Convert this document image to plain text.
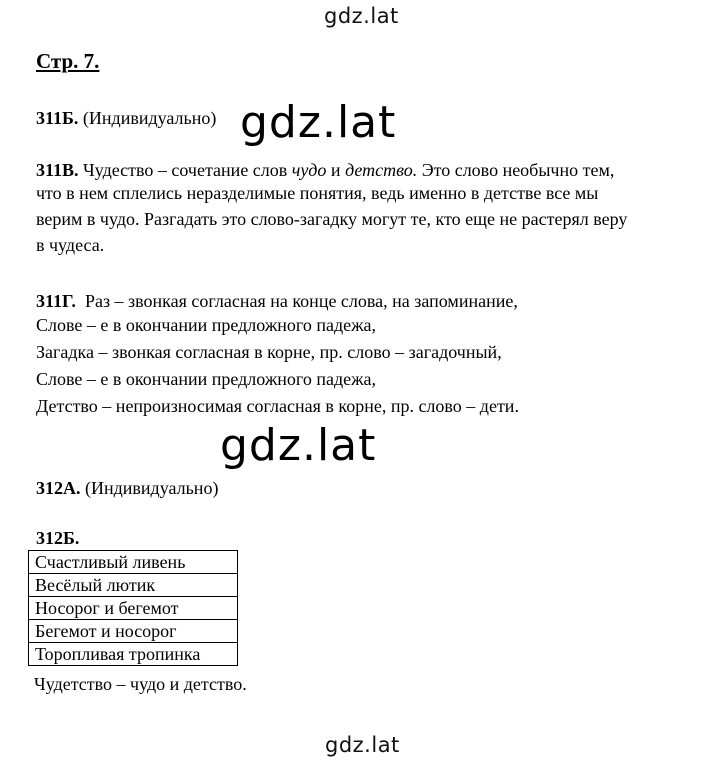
gdz.lat
Стр. 7.
311Б. (Индивидуально) gdz.lat
311В. Чудество – сочетание слов чудо и детство. Это слово необычно тем,
что в нем сплелись неразделимые понятия, ведь именно в детстве все мы
верим в чудо. Разгадать это слово-загадку могут те, кто еще не растерял веру
в чудеса.
311Г. Раз – звонкая согласная на конце слова, на запоминание,
Слове – е в окончании предложного падежа,
Загадка – звонкая согласная в корне, пр. слово – загадочный,
Слове – е в окончании предложного падежа,
Детство – непроизносимая согласная в корне, пр. слово – дети.
gdz.lat
312А. (Индивидуально)
312Б.
Счастливый ливень
Весёлый лютик
Носорог и бегемот
Бегемот и носорог
Торопливая тропинка
Чудетство – чудо и детство.
gdz.lat
